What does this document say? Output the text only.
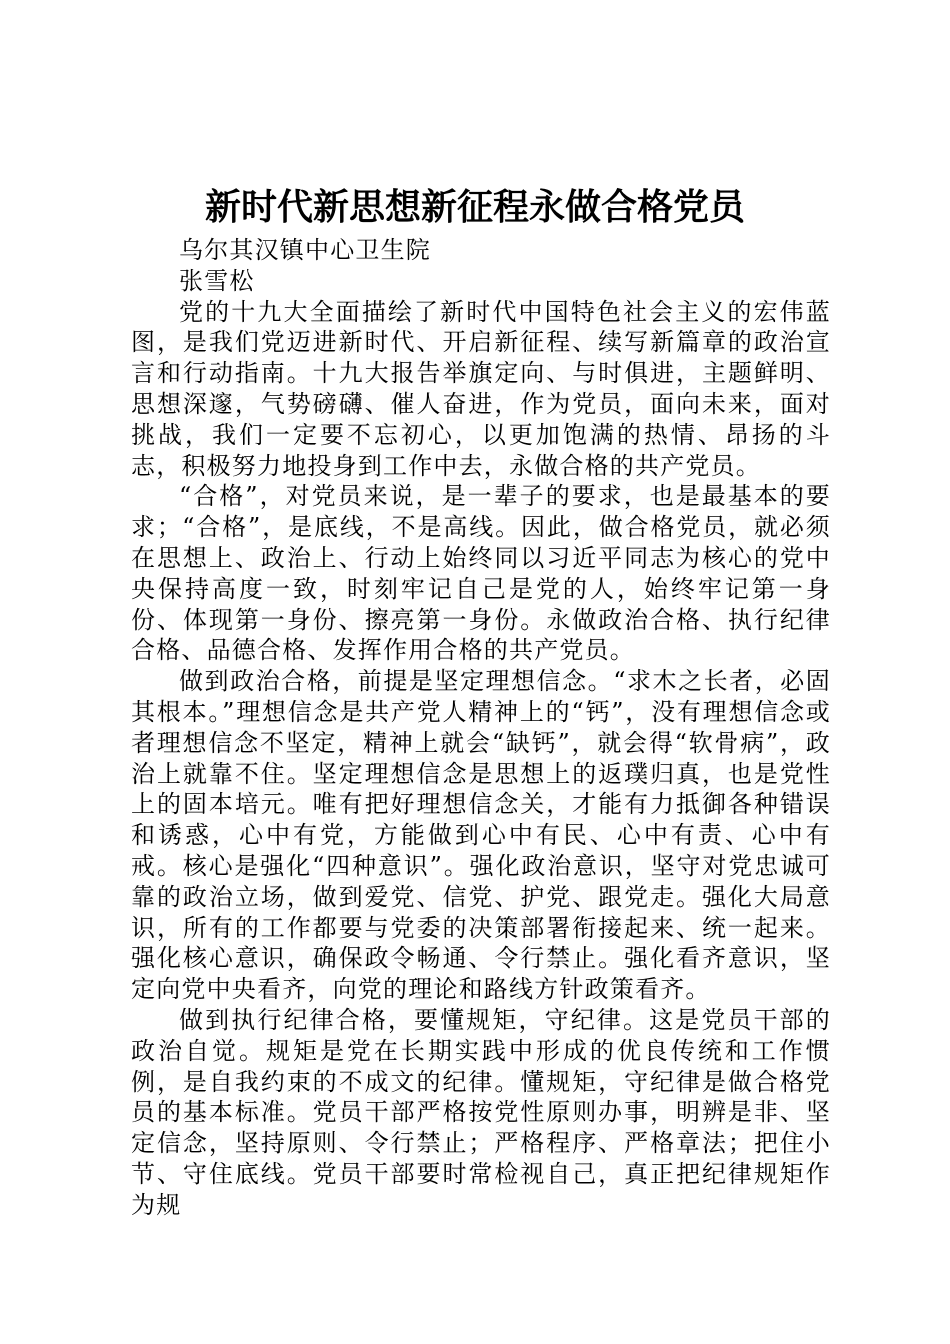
新时代新思想新征程永做合格党员

乌尔其汉镇中心卫生院

张雪松

党的十九大全面描绘了新时代中国特色社会主义的宏伟蓝图，是我们党迈进新时代、开启新征程、续写新篇章的政治宣言和行动指南。十九大报告举旗定向、与时俱进，主题鲜明、思想深邃，气势磅礴、催人奋进，作为党员，面向未来，面对挑战，我们一定要不忘初心，以更加饱满的热情、昂扬的斗志，积极努力地投身到工作中去，永做合格的共产党员。

“合格”，对党员来说，是一辈子的要求，也是最基本的要求；“合格”，是底线，不是高线。因此，做合格党员，就必须在思想上、政治上、行动上始终同以习近平同志为核心的党中央保持高度一致，时刻牢记自己是党的人，始终牢记第一身份、体现第一身份、擦亮第一身份。永做政治合格、执行纪律合格、品德合格、发挥作用合格的共产党员。

做到政治合格，前提是坚定理想信念。“求木之长者，必固其根本。”理想信念是共产党人精神上的“钙”，没有理想信念或者理想信念不坚定，精神上就会“缺钙”，就会得“软骨病”，政治上就靠不住。坚定理想信念是思想上的返璞归真，也是党性上的固本培元。唯有把好理想信念关，才能有力抵御各种错误和诱惑，心中有党，方能做到心中有民、心中有责、心中有戒。核心是强化“四种意识”。强化政治意识，坚守对党忠诚可靠的政治立场，做到爱党、信党、护党、跟党走。强化大局意识，所有的工作都要与党委的决策部署衔接起来、统一起来。强化核心意识，确保政令畅通、令行禁止。强化看齐意识，坚定向党中央看齐，向党的理论和路线方针政策看齐。

做到执行纪律合格，要懂规矩，守纪律。这是党员干部的政治自觉。规矩是党在长期实践中形成的优良传统和工作惯例，是自我约束的不成文的纪律。懂规矩，守纪律是做合格党员的基本标准。党员干部严格按党性原则办事，明辨是非、坚定信念，坚持原则、令行禁止；严格程序、严格章法；把住小节、守住底线。党员干部要时常检视自己，真正把纪律规矩作为规
